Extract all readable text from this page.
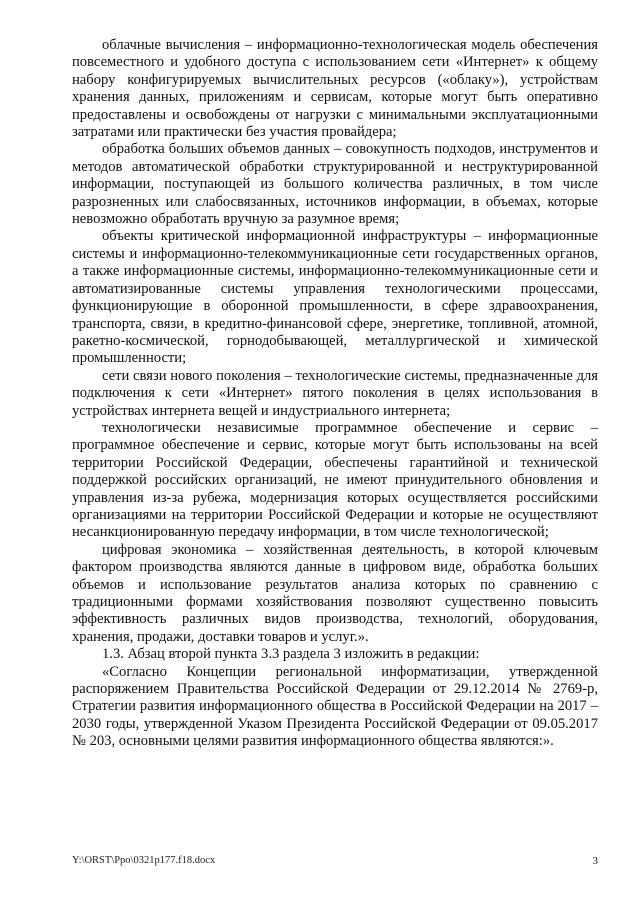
облачные вычисления – информационно-технологическая модель обеспечения повсеместного и удобного доступа с использованием сети «Интернет» к общему набору конфигурируемых вычислительных ресурсов («облаку»), устройствам хранения данных, приложениям и сервисам, которые могут быть оперативно предоставлены и освобождены от нагрузки с минимальными эксплуатационными затратами или практически без участия провайдера;

обработка больших объемов данных – совокупность подходов, инструментов и методов автоматической обработки структурированной и неструктурированной информации, поступающей из большого количества различных, в том числе разрозненных или слабосвязанных, источников информации, в объемах, которые невозможно обработать вручную за разумное время;

объекты критической информационной инфраструктуры – информационные системы и информационно-телекоммуникационные сети государственных органов, а также информационные системы, информационно-телекоммуникационные сети и автоматизированные системы управления технологическими процессами, функционирующие в оборонной промышленности, в сфере здравоохранения, транспорта, связи, в кредитно-финансовой сфере, энергетике, топливной, атомной, ракетно-космической, горнодобывающей, металлургической и химической промышленности;

сети связи нового поколения – технологические системы, предназначенные для подключения к сети «Интернет» пятого поколения в целях использования в устройствах интернета вещей и индустриального интернета;

технологически независимые программное обеспечение и сервис – программное обеспечение и сервис, которые могут быть использованы на всей территории Российской Федерации, обеспечены гарантийной и технической поддержкой российских организаций, не имеют принудительного обновления и управления из-за рубежа, модернизация которых осуществляется российскими организациями на территории Российской Федерации и которые не осуществляют несанкционированную передачу информации, в том числе технологической;

цифровая экономика – хозяйственная деятельность, в которой ключевым фактором производства являются данные в цифровом виде, обработка больших объемов и использование результатов анализа которых по сравнению с традиционными формами хозяйствования позволяют существенно повысить эффективность различных видов производства, технологий, оборудования, хранения, продажи, доставки товаров и услуг.».

1.3. Абзац второй пункта 3.3 раздела 3 изложить в редакции:

«Согласно Концепции региональной информатизации, утвержденной распоряжением Правительства Российской Федерации от 29.12.2014 № 2769-р, Стратегии развития информационного общества в Российской Федерации на 2017 – 2030 годы, утвержденной Указом Президента Российской Федерации от 09.05.2017 № 203, основными целями развития информационного общества являются:».

Y:\ORST\Ppo\0321p177.f18.docx	3
